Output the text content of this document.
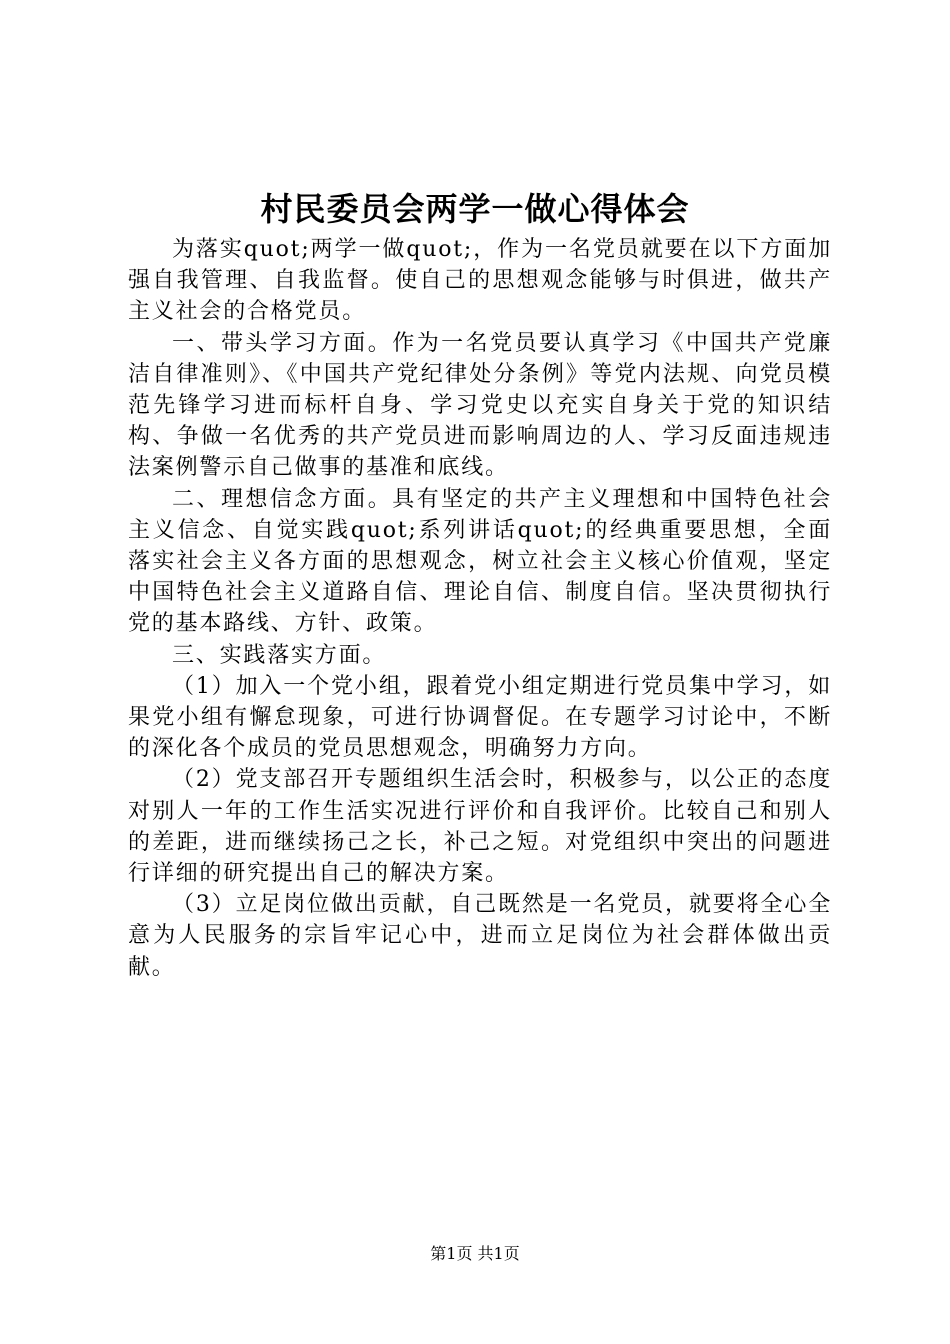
村民委员会两学一做心得体会

为落实quot;两学一做quot;，作为一名党员就要在以下方面加强自我管理、自我监督。使自己的思想观念能够与时俱进，做共产主义社会的合格党员。

一、带头学习方面。作为一名党员要认真学习《中国共产党廉洁自律准则》、《中国共产党纪律处分条例》等党内法规、向党员模范先锋学习进而标杆自身、学习党史以充实自身关于党的知识结构、争做一名优秀的共产党员进而影响周边的人、学习反面违规违法案例警示自己做事的基准和底线。

二、理想信念方面。具有坚定的共产主义理想和中国特色社会主义信念、自觉实践quot;系列讲话quot;的经典重要思想，全面落实社会主义各方面的思想观念，树立社会主义核心价值观，坚定中国特色社会主义道路自信、理论自信、制度自信。坚决贯彻执行党的基本路线、方针、政策。

三、实践落实方面。

（1）加入一个党小组，跟着党小组定期进行党员集中学习，如果党小组有懈怠现象，可进行协调督促。在专题学习讨论中，不断的深化各个成员的党员思想观念，明确努力方向。

（2）党支部召开专题组织生活会时，积极参与，以公正的态度对别人一年的工作生活实况进行评价和自我评价。比较自己和别人的差距，进而继续扬己之长，补己之短。对党组织中突出的问题进行详细的研究提出自己的解决方案。

（3）立足岗位做出贡献，自己既然是一名党员，就要将全心全意为人民服务的宗旨牢记心中，进而立足岗位为社会群体做出贡献。

第1页 共1页
